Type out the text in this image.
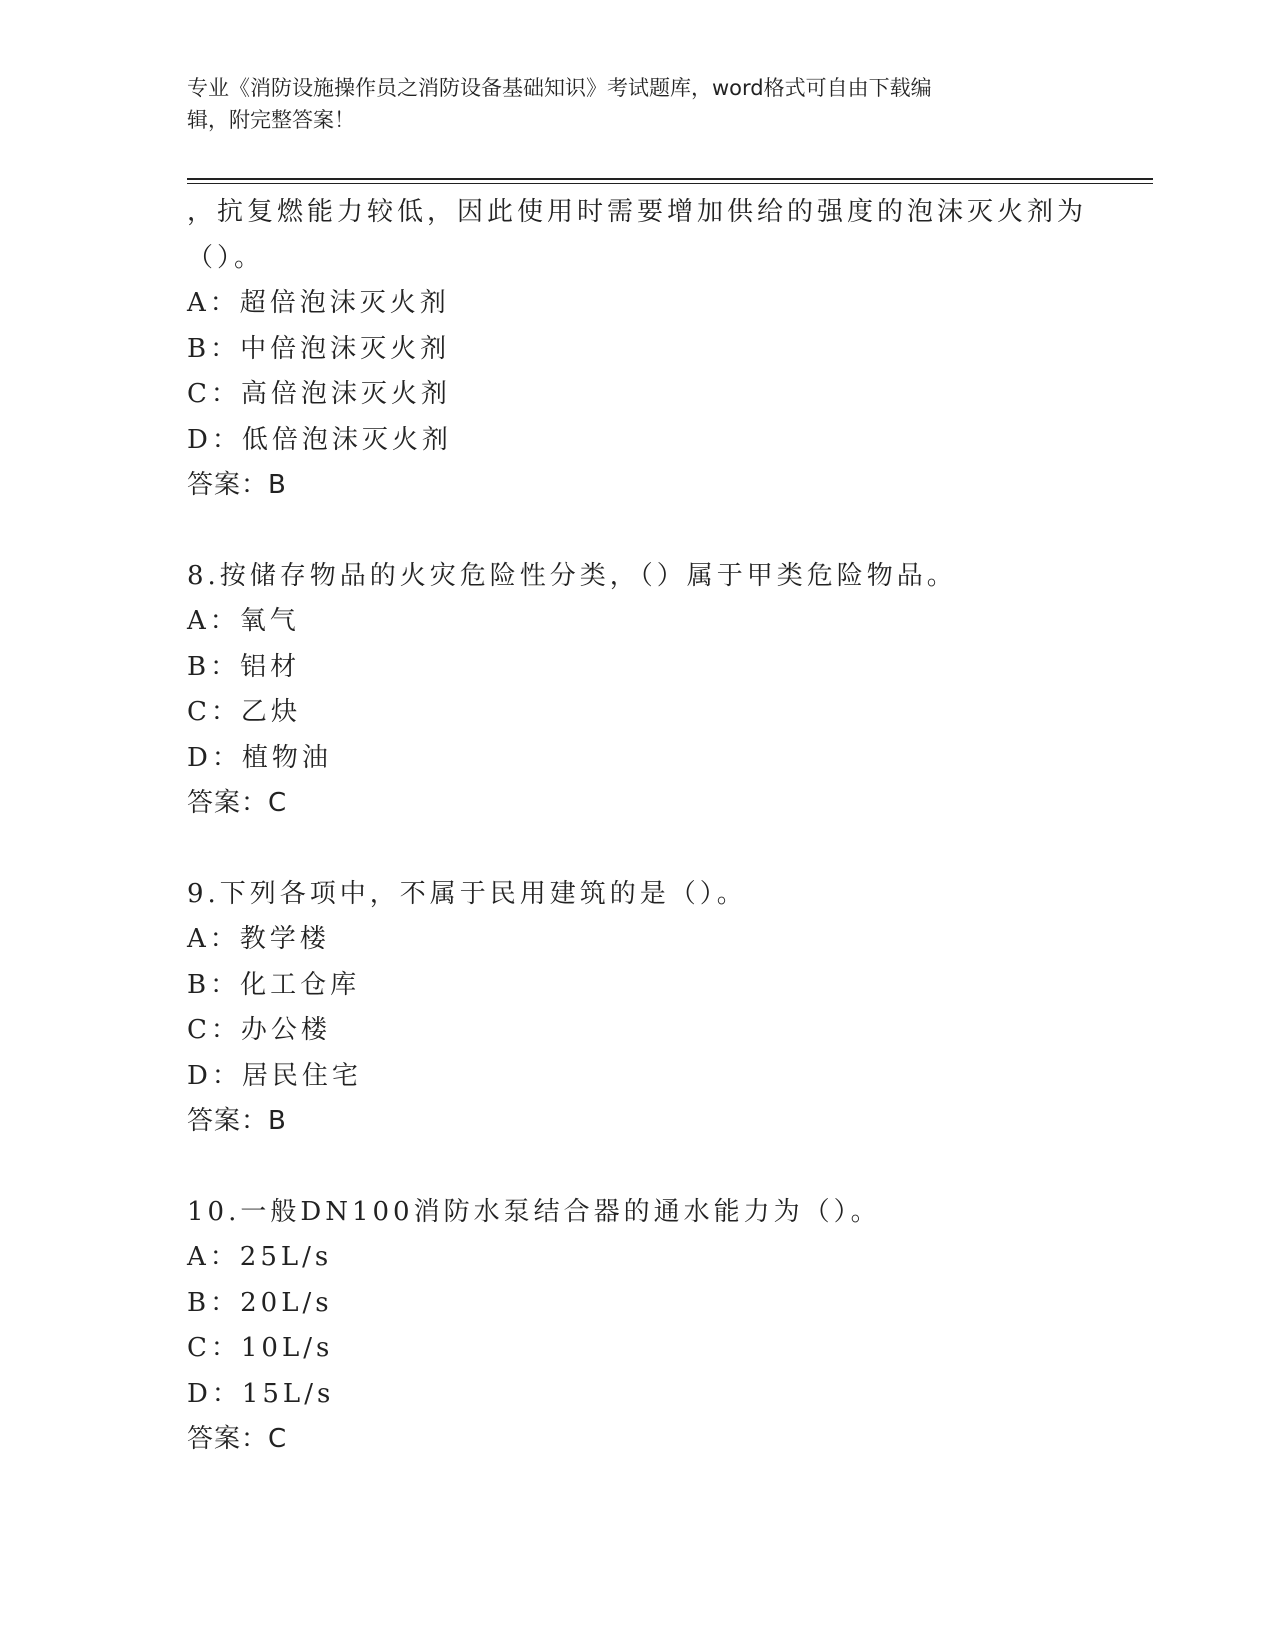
专业《消防设施操作员之消防设备基础知识》考试题库，word格式可自由下载编
辑，附完整答案！
，抗复燃能力较低，因此使用时需要增加供给的强度的泡沫灭火剂为
（）。
A：超倍泡沫灭火剂
B：中倍泡沫灭火剂
C：高倍泡沫灭火剂
D：低倍泡沫灭火剂
答案：B
8.按储存物品的火灾危险性分类，（）属于甲类危险物品。
A：氧气
B：铝材
C：乙炔
D：植物油
答案：C
9.下列各项中，不属于民用建筑的是（）。
A：教学楼
B：化工仓库
C：办公楼
D：居民住宅
答案：B
10.一般DN100消防水泵结合器的通水能力为（）。
A：25L/s
B：20L/s
C：10L/s
D：15L/s
答案：C
